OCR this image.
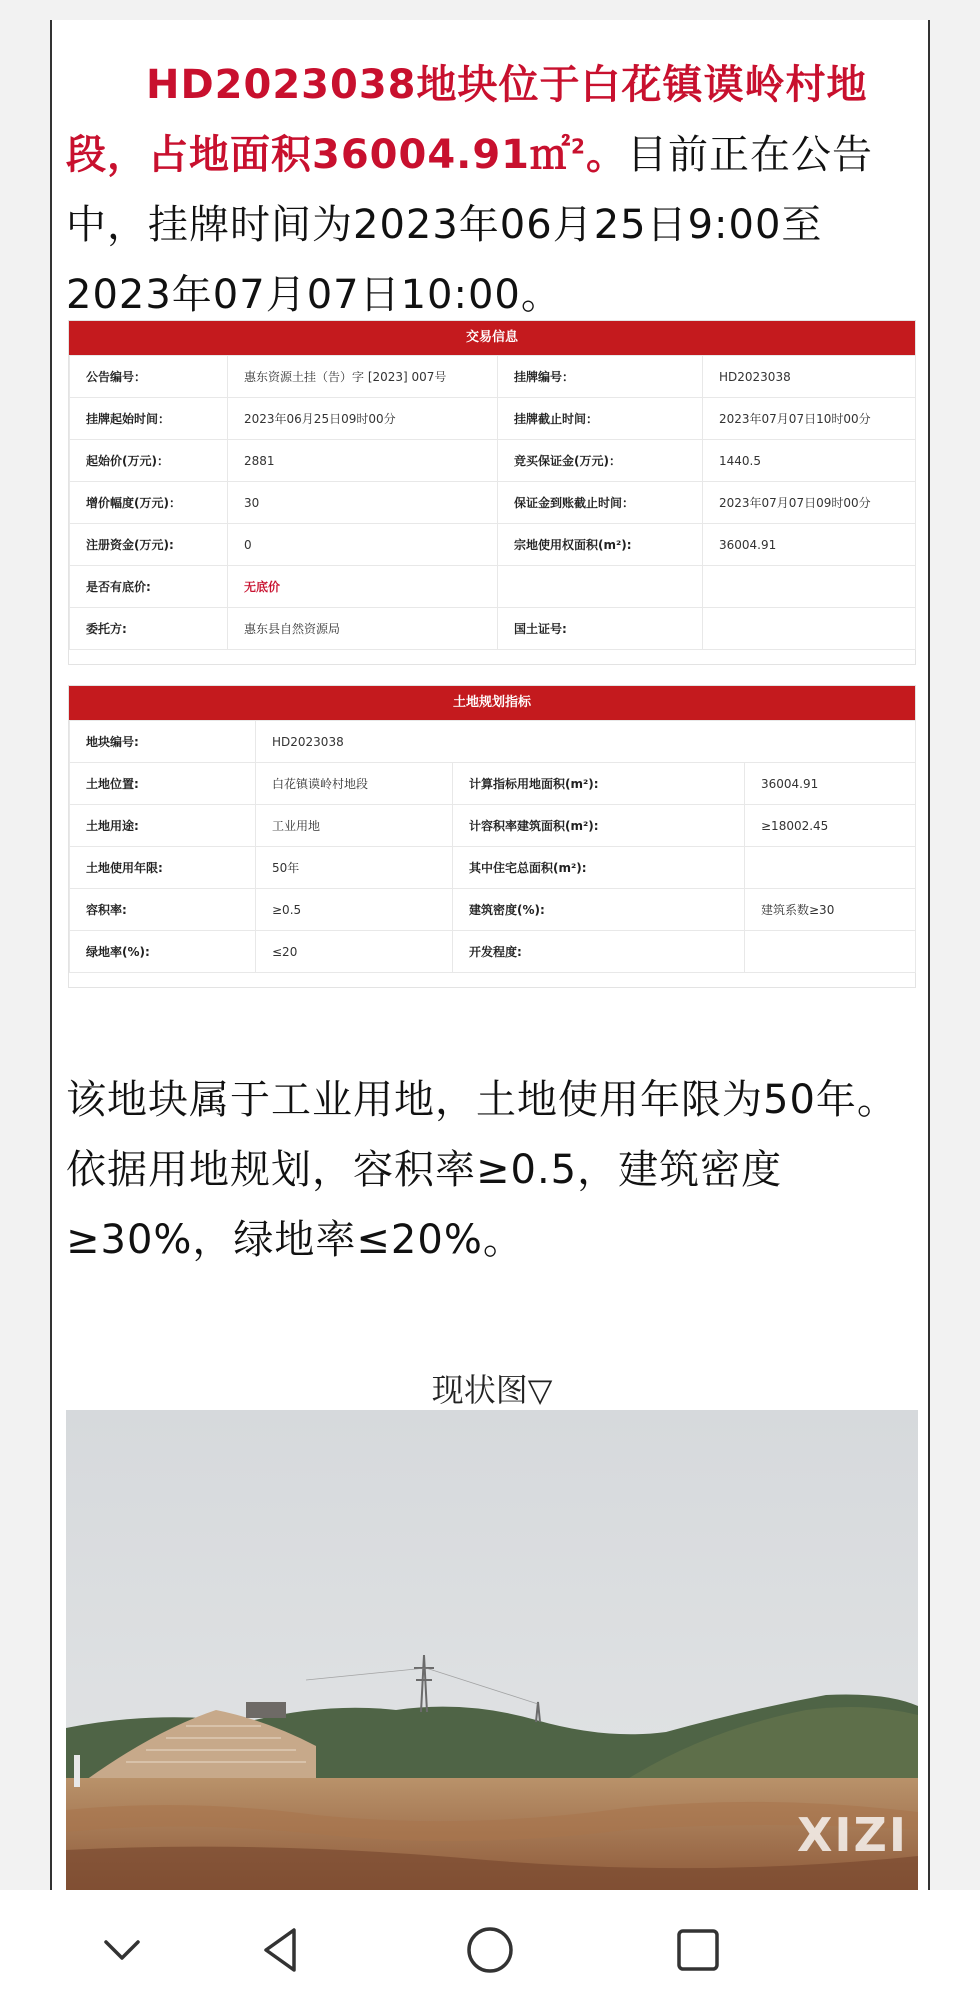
HD2023038地块位于白花镇谟岭村地段，占地面积36004.91㎡$^2$。目前正在公告中，挂牌时间为2023年06月25日9:00至2023年07月07日10:00。
交易信息
公告编号：	惠东资源土挂（告）字 [2023] 007号	挂牌编号：	HD2023038
挂牌起始时间：	2023年06月25日09时00分	挂牌截止时间：	2023年07月07日10时00分
起始价(万元)：	2881	竞买保证金(万元)：	1440.5
增价幅度(万元)：	30	保证金到账截止时间：	2023年07月07日09时00分
注册资金(万元):	0	宗地使用权面积(m²):	36004.91
是否有底价:	无底价		
委托方:	惠东县自然资源局	国土证号:	
土地规划指标
地块编号:	HD2023038		
土地位置:	白花镇谟岭村地段	计算指标用地面积(m²):	36004.91
土地用途:	工业用地	计容积率建筑面积(m²):	≥18002.45
土地使用年限:	50年	其中住宅总面积(m²):	
容积率:	≥0.5	建筑密度(%):	建筑系数≥30
绿地率(%):	≤20	开发程度:	
该地块属于工业用地，土地使用年限为50年。依据用地规划，容积率≥0.5，建筑密度≥30%，绿地率≤20%。
现状图▽
XIZI
